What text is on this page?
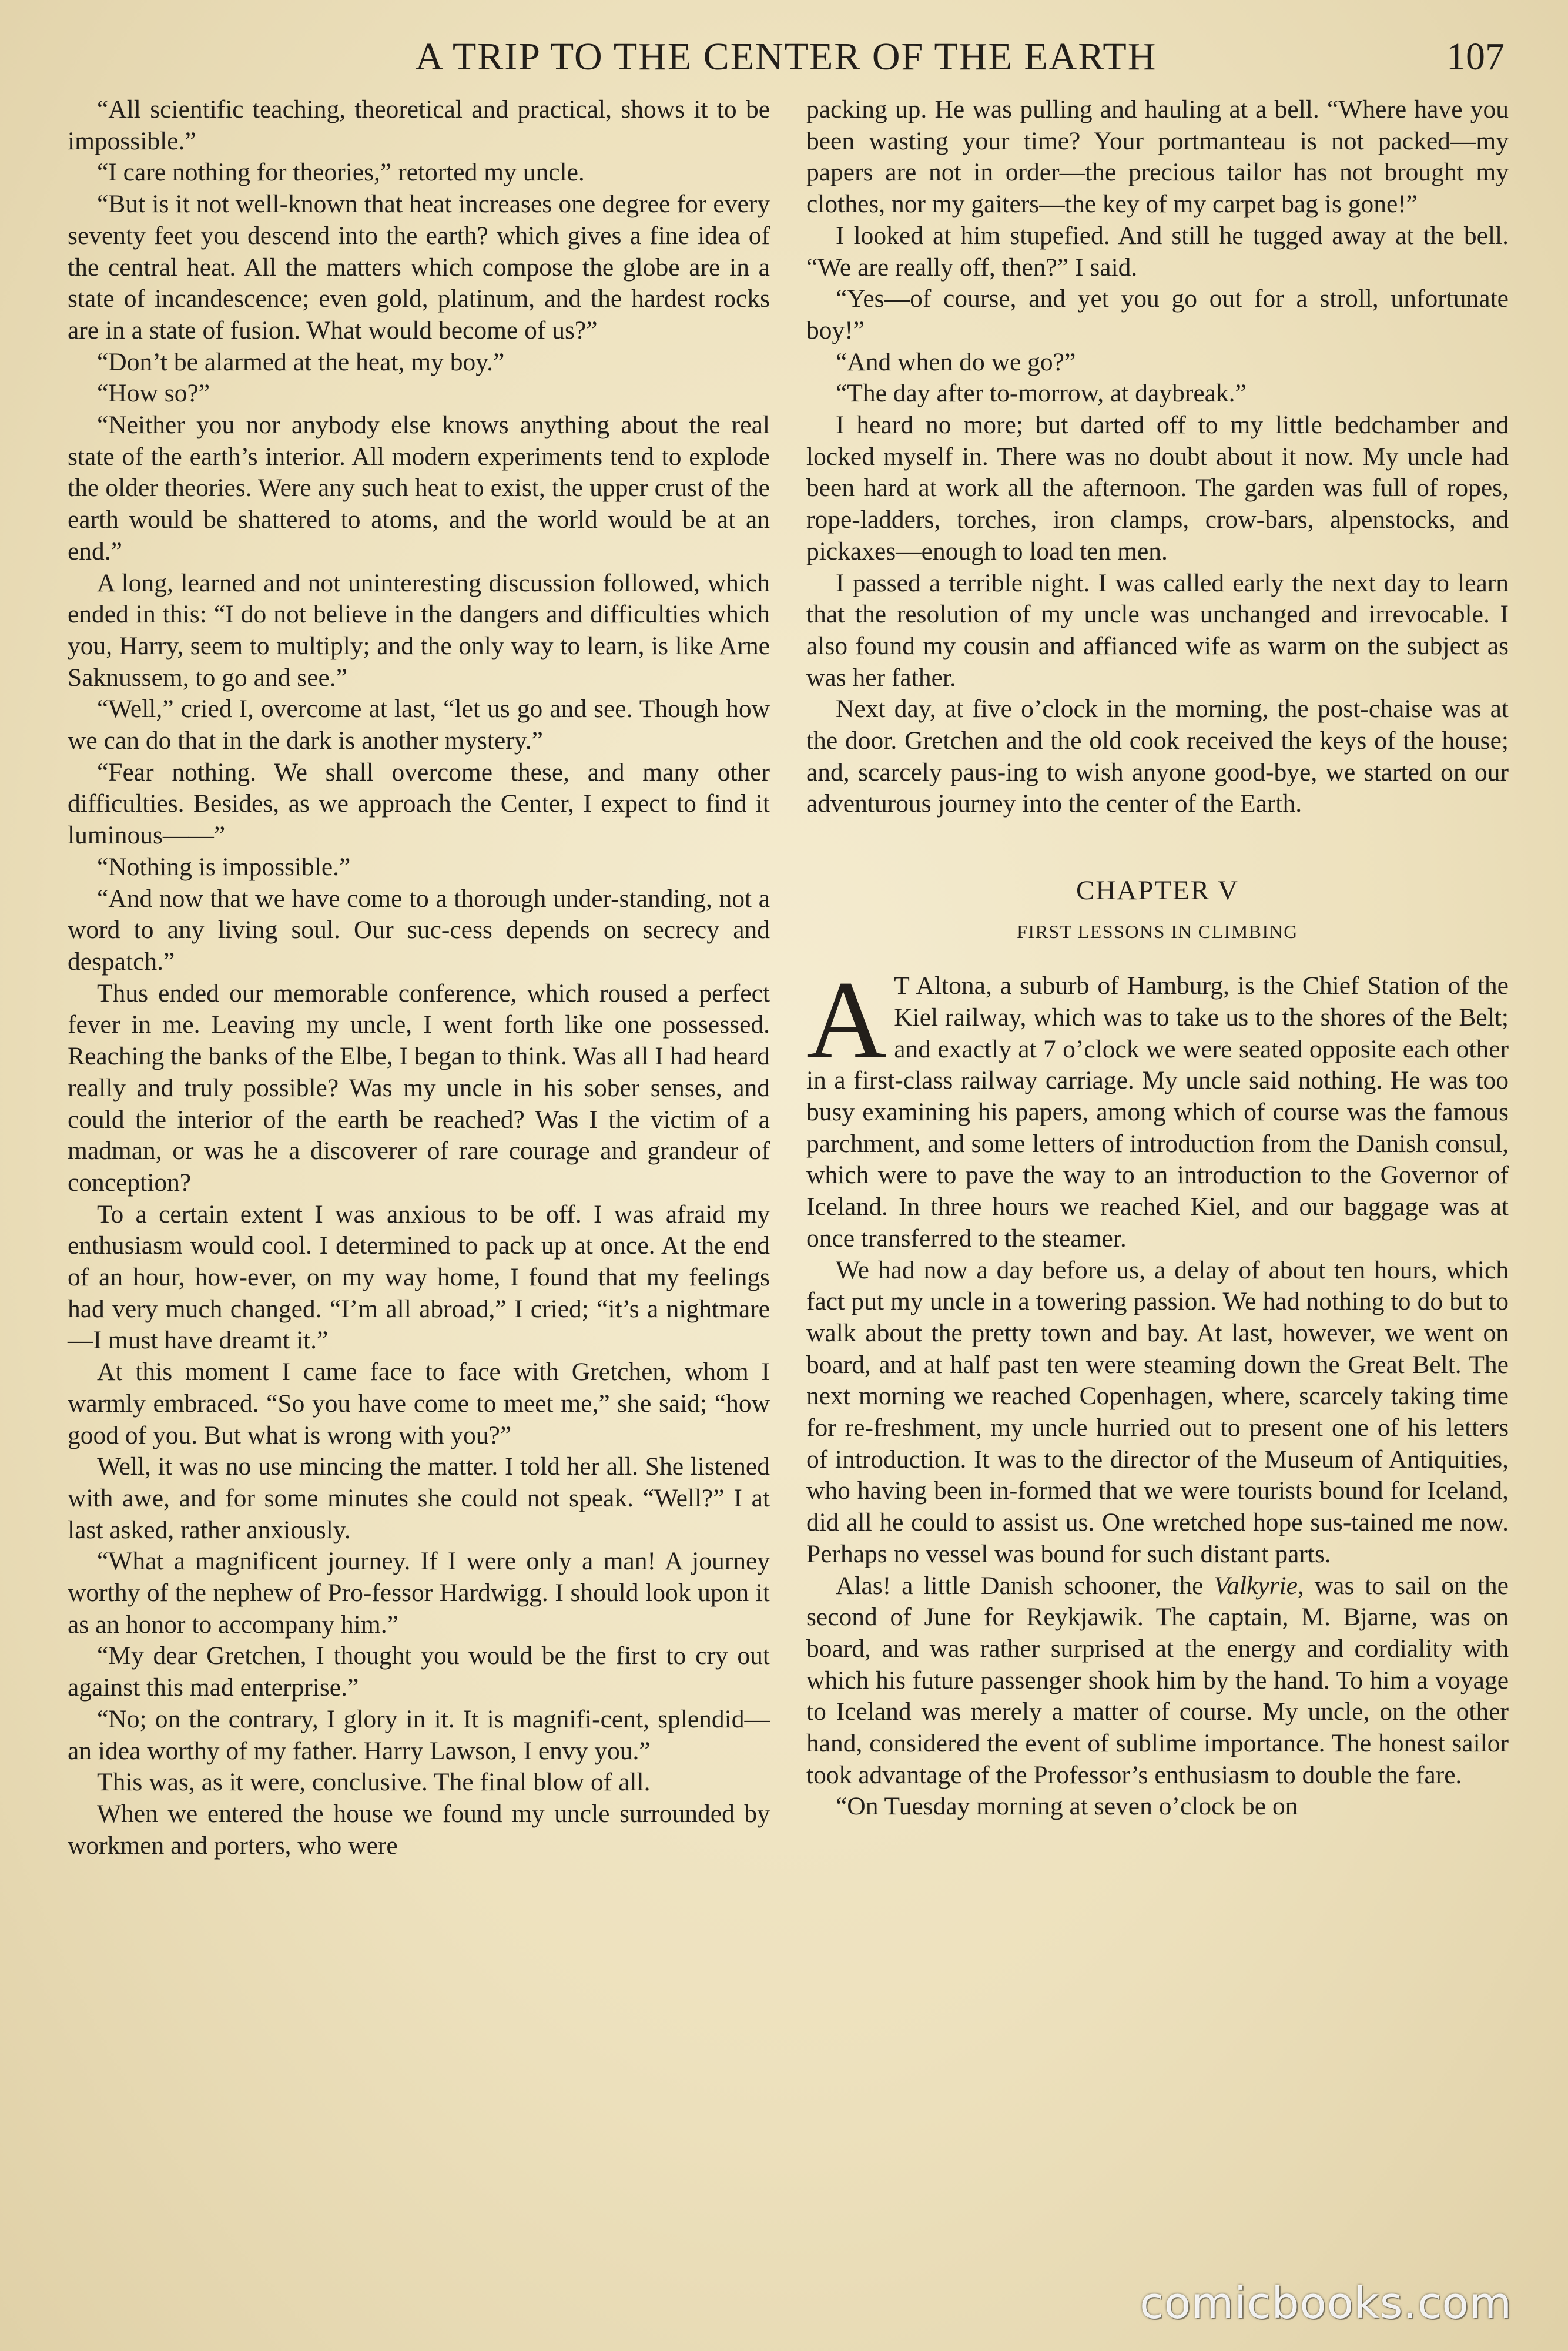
A TRIP TO THE CENTER OF THE EARTH	107

“All scientific teaching, theoretical and practical, shows it to be impossible.”

“I care nothing for theories,” retorted my uncle.

“But is it not well-known that heat increases one degree for every seventy feet you descend into the earth? which gives a fine idea of the central heat. All the matters which compose the globe are in a state of incandescence; even gold, platinum, and the hardest rocks are in a state of fusion. What would become of us?”

“Don’t be alarmed at the heat, my boy.”

“How so?”

“Neither you nor anybody else knows anything about the real state of the earth’s interior. All modern experiments tend to explode the older theories. Were any such heat to exist, the upper crust of the earth would be shattered to atoms, and the world would be at an end.”

A long, learned and not uninteresting discussion followed, which ended in this: “I do not believe in the dangers and difficulties which you, Harry, seem to multiply; and the only way to learn, is like Arne Saknussem, to go and see.”

“Well,” cried I, overcome at last, “let us go and see. Though how we can do that in the dark is another mystery.”

“Fear nothing. We shall overcome these, and many other difficulties. Besides, as we approach the Center, I expect to find it luminous——”

“Nothing is impossible.”

“And now that we have come to a thorough under-standing, not a word to any living soul. Our suc-cess depends on secrecy and despatch.”

Thus ended our memorable conference, which roused a perfect fever in me. Leaving my uncle, I went forth like one possessed. Reaching the banks of the Elbe, I began to think. Was all I had heard really and truly possible? Was my uncle in his sober senses, and could the interior of the earth be reached? Was I the victim of a madman, or was he a discoverer of rare courage and grandeur of conception?

To a certain extent I was anxious to be off. I was afraid my enthusiasm would cool. I determined to pack up at once. At the end of an hour, how-ever, on my way home, I found that my feelings had very much changed. “I’m all abroad,” I cried; “it’s a nightmare—I must have dreamt it.”

At this moment I came face to face with Gretchen, whom I warmly embraced. “So you have come to meet me,” she said; “how good of you. But what is wrong with you?”

Well, it was no use mincing the matter. I told her all. She listened with awe, and for some minutes she could not speak. “Well?” I at last asked, rather anxiously.

“What a magnificent journey. If I were only a man! A journey worthy of the nephew of Pro-fessor Hardwigg. I should look upon it as an honor to accompany him.”

“My dear Gretchen, I thought you would be the first to cry out against this mad enterprise.”

“No; on the contrary, I glory in it. It is magnifi-cent, splendid—an idea worthy of my father. Harry Lawson, I envy you.”

This was, as it were, conclusive. The final blow of all.

When we entered the house we found my uncle surrounded by workmen and porters, who were

packing up. He was pulling and hauling at a bell. “Where have you been wasting your time? Your portmanteau is not packed—my papers are not in order—the precious tailor has not brought my clothes, nor my gaiters—the key of my carpet bag is gone!”

I looked at him stupefied. And still he tugged away at the bell. “We are really off, then?” I said.

“Yes—of course, and yet you go out for a stroll, unfortunate boy!”

“And when do we go?”

“The day after to-morrow, at daybreak.”

I heard no more; but darted off to my little bedchamber and locked myself in. There was no doubt about it now. My uncle had been hard at work all the afternoon. The garden was full of ropes, rope-ladders, torches, iron clamps, crow-bars, alpenstocks, and pickaxes—enough to load ten men.

I passed a terrible night. I was called early the next day to learn that the resolution of my uncle was unchanged and irrevocable. I also found my cousin and affianced wife as warm on the subject as was her father.

Next day, at five o’clock in the morning, the post-chaise was at the door. Gretchen and the old cook received the keys of the house; and, scarcely paus-ing to wish anyone good-bye, we started on our adventurous journey into the center of the Earth.

CHAPTER V
FIRST LESSONS IN CLIMBING

A T Altona, a suburb of Hamburg, is the Chief Station of the Kiel railway, which was to take us to the shores of the Belt; and exactly at 7 o’clock we were seated opposite each other in a first-class railway carriage. My uncle said nothing. He was too busy examining his papers, among which of course was the famous parchment, and some letters of introduction from the Danish consul, which were to pave the way to an introduction to the Governor of Iceland. In three hours we reached Kiel, and our baggage was at once transferred to the steamer.

We had now a day before us, a delay of about ten hours, which fact put my uncle in a towering passion. We had nothing to do but to walk about the pretty town and bay. At last, however, we went on board, and at half past ten were steaming down the Great Belt. The next morning we reached Copenhagen, where, scarcely taking time for re-freshment, my uncle hurried out to present one of his letters of introduction. It was to the director of the Museum of Antiquities, who having been in-formed that we were tourists bound for Iceland, did all he could to assist us. One wretched hope sus-tained me now. Perhaps no vessel was bound for such distant parts.

Alas! a little Danish schooner, the Valkyrie, was to sail on the second of June for Reykjawik. The captain, M. Bjarne, was on board, and was rather surprised at the energy and cordiality with which his future passenger shook him by the hand. To him a voyage to Iceland was merely a matter of course. My uncle, on the other hand, considered the event of sublime importance. The honest sailor took advantage of the Professor’s enthusiasm to double the fare.

“On Tuesday morning at seven o’clock be on

comicbooks.com
